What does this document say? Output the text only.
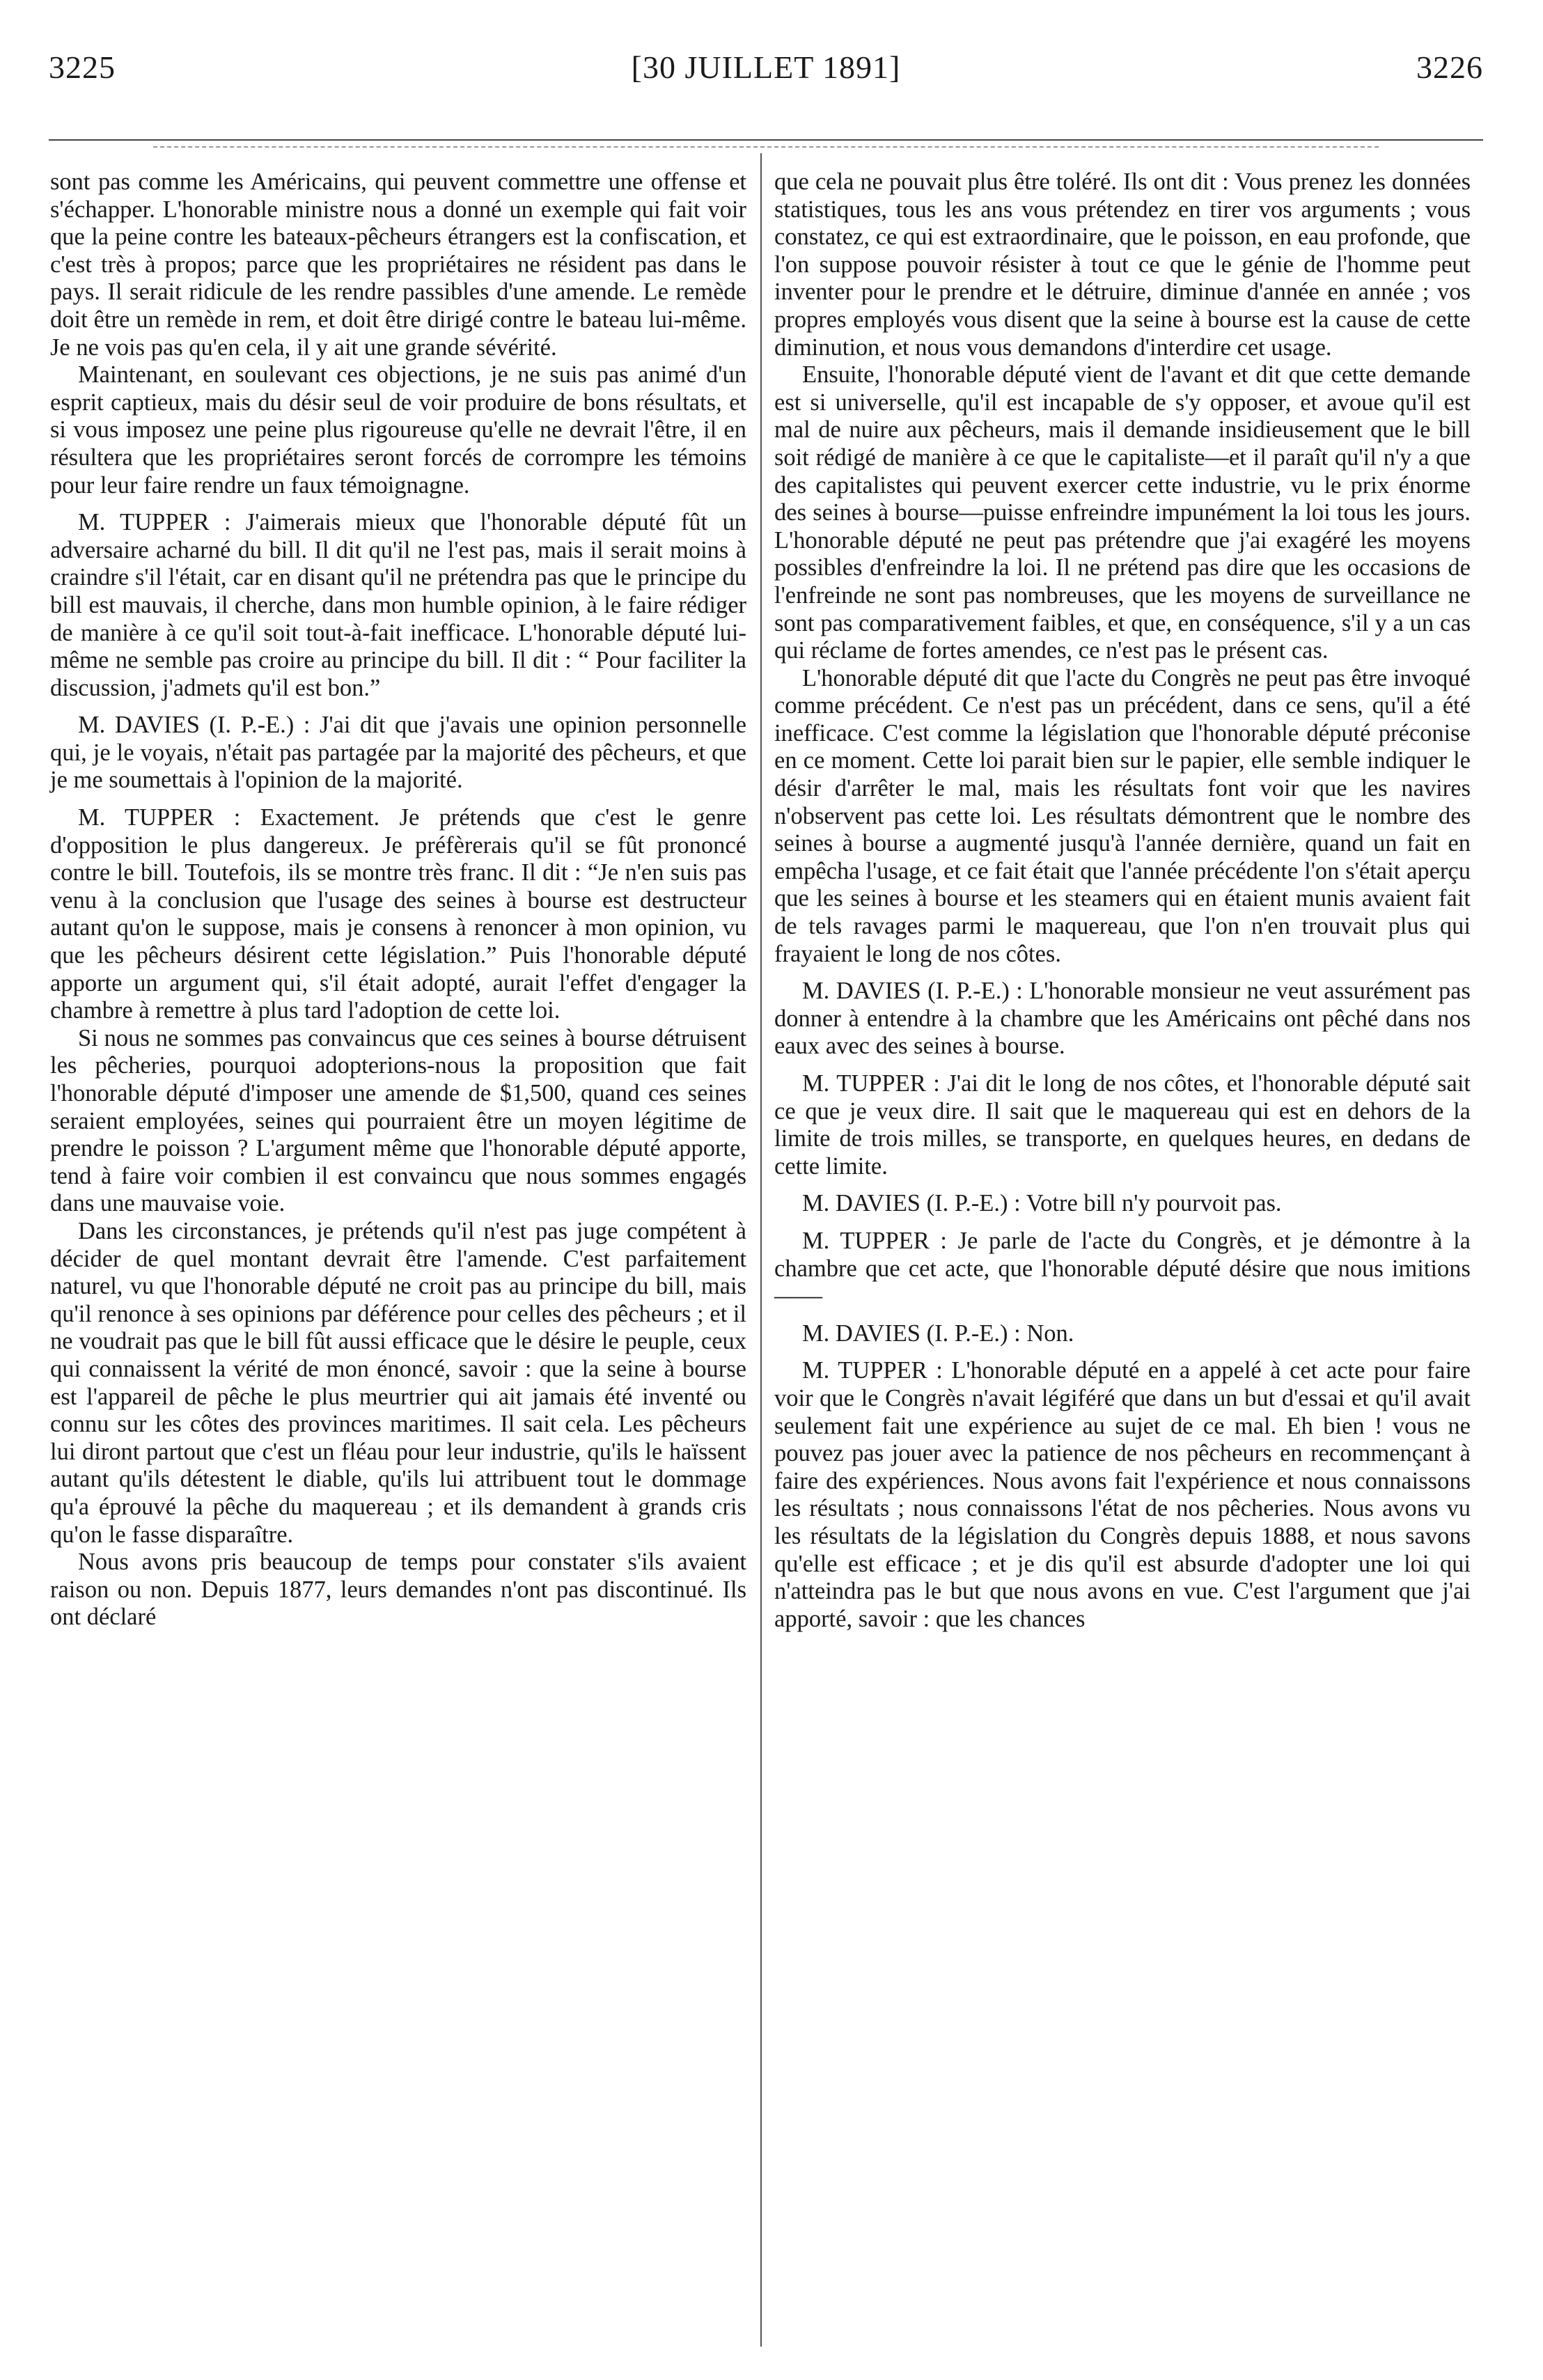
3225	[30 JUILLET 1891]	3226

sont pas comme les Américains, qui peuvent commettre une offense et s'échapper. L'honorable ministre nous a donné un exemple qui fait voir que la peine contre les bateaux-pêcheurs étrangers est la confiscation, et c'est très à propos; parce que les propriétaires ne résident pas dans le pays. Il serait ridicule de les rendre passibles d'une amende. Le remède doit être un remède in rem, et doit être dirigé contre le bateau lui-même. Je ne vois pas qu'en cela, il y ait une grande sévérité.

Maintenant, en soulevant ces objections, je ne suis pas animé d'un esprit captieux, mais du désir seul de voir produire de bons résultats, et si vous imposez une peine plus rigoureuse qu'elle ne devrait l'être, il en résultera que les propriétaires seront forcés de corrompre les témoins pour leur faire rendre un faux témoignagne.

M. TUPPER : J'aimerais mieux que l'honorable député fût un adversaire acharné du bill. Il dit qu'il ne l'est pas, mais il serait moins à craindre s'il l'était, car en disant qu'il ne prétendra pas que le principe du bill est mauvais, il cherche, dans mon humble opinion, à le faire rédiger de manière à ce qu'il soit tout-à-fait inefficace. L'honorable député lui-même ne semble pas croire au principe du bill. Il dit : “ Pour faciliter la discussion, j'admets qu'il est bon.”

M. DAVIES (I. P.-E.) : J'ai dit que j'avais une opinion personnelle qui, je le voyais, n'était pas partagée par la majorité des pêcheurs, et que je me soumettais à l'opinion de la majorité.

M. TUPPER : Exactement. Je prétends que c'est le genre d'opposition le plus dangereux. Je préfèrerais qu'il se fût prononcé contre le bill. Toutefois, ils se montre très franc. Il dit : “Je n'en suis pas venu à la conclusion que l'usage des seines à bourse est destructeur autant qu'on le suppose, mais je consens à renoncer à mon opinion, vu que les pêcheurs désirent cette législation.” Puis l'honorable député apporte un argument qui, s'il était adopté, aurait l'effet d'engager la chambre à remettre à plus tard l'adoption de cette loi.

Si nous ne sommes pas convaincus que ces seines à bourse détruisent les pêcheries, pourquoi adopterions-nous la proposition que fait l'honorable député d'imposer une amende de $1,500, quand ces seines seraient employées, seines qui pourraient être un moyen légitime de prendre le poisson ? L'argument même que l'honorable député apporte, tend à faire voir combien il est convaincu que nous sommes engagés dans une mauvaise voie.

Dans les circonstances, je prétends qu'il n'est pas juge compétent à décider de quel montant devrait être l'amende. C'est parfaitement naturel, vu que l'honorable député ne croit pas au principe du bill, mais qu'il renonce à ses opinions par déférence pour celles des pêcheurs ; et il ne voudrait pas que le bill fût aussi efficace que le désire le peuple, ceux qui connaissent la vérité de mon énoncé, savoir : que la seine à bourse est l'appareil de pêche le plus meurtrier qui ait jamais été inventé ou connu sur les côtes des provinces maritimes. Il sait cela. Les pêcheurs lui diront partout que c'est un fléau pour leur industrie, qu'ils le haïssent autant qu'ils détestent le diable, qu'ils lui attribuent tout le dommage qu'a éprouvé la pêche du maquereau ; et ils demandent à grands cris qu'on le fasse disparaître.

Nous avons pris beaucoup de temps pour constater s'ils avaient raison ou non. Depuis 1877, leurs demandes n'ont pas discontinué. Ils ont déclaré

que cela ne pouvait plus être toléré. Ils ont dit : Vous prenez les données statistiques, tous les ans vous prétendez en tirer vos arguments ; vous constatez, ce qui est extraordinaire, que le poisson, en eau profonde, que l'on suppose pouvoir résister à tout ce que le génie de l'homme peut inventer pour le prendre et le détruire, diminue d'année en année ; vos propres employés vous disent que la seine à bourse est la cause de cette diminution, et nous vous demandons d'interdire cet usage.

Ensuite, l'honorable député vient de l'avant et dit que cette demande est si universelle, qu'il est incapable de s'y opposer, et avoue qu'il est mal de nuire aux pêcheurs, mais il demande insidieusement que le bill soit rédigé de manière à ce que le capitaliste—et il paraît qu'il n'y a que des capitalistes qui peuvent exercer cette industrie, vu le prix énorme des seines à bourse—puisse enfreindre impunément la loi tous les jours. L'honorable député ne peut pas prétendre que j'ai exagéré les moyens possibles d'enfreindre la loi. Il ne prétend pas dire que les occasions de l'enfreinde ne sont pas nombreuses, que les moyens de surveillance ne sont pas comparativement faibles, et que, en conséquence, s'il y a un cas qui réclame de fortes amendes, ce n'est pas le présent cas.

L'honorable député dit que l'acte du Congrès ne peut pas être invoqué comme précédent. Ce n'est pas un précédent, dans ce sens, qu'il a été inefficace. C'est comme la législation que l'honorable député préconise en ce moment. Cette loi parait bien sur le papier, elle semble indiquer le désir d'arrêter le mal, mais les résultats font voir que les navires n'observent pas cette loi. Les résultats démontrent que le nombre des seines à bourse a augmenté jusqu'à l'année dernière, quand un fait en empêcha l'usage, et ce fait était que l'année précédente l'on s'était aperçu que les seines à bourse et les steamers qui en étaient munis avaient fait de tels ravages parmi le maquereau, que l'on n'en trouvait plus qui frayaient le long de nos côtes.

M. DAVIES (I. P.-E.) : L'honorable monsieur ne veut assurément pas donner à entendre à la chambre que les Américains ont pêché dans nos eaux avec des seines à bourse.

M. TUPPER : J'ai dit le long de nos côtes, et l'honorable député sait ce que je veux dire. Il sait que le maquereau qui est en dehors de la limite de trois milles, se transporte, en quelques heures, en dedans de cette limite.

M. DAVIES (I. P.-E.) : Votre bill n'y pourvoit pas.

M. TUPPER : Je parle de l'acte du Congrès, et je démontre à la chambre que cet acte, que l'honorable député désire que nous imitions——

M. DAVIES (I. P.-E.) : Non.

M. TUPPER : L'honorable député en a appelé à cet acte pour faire voir que le Congrès n'avait légiféré que dans un but d'essai et qu'il avait seulement fait une expérience au sujet de ce mal. Eh bien ! vous ne pouvez pas jouer avec la patience de nos pêcheurs en recommençant à faire des expériences. Nous avons fait l'expérience et nous connaissons les résultats ; nous connaissons l'état de nos pêcheries. Nous avons vu les résultats de la législation du Congrès depuis 1888, et nous savons qu'elle est efficace ; et je dis qu'il est absurde d'adopter une loi qui n'atteindra pas le but que nous avons en vue. C'est l'argument que j'ai apporté, savoir : que les chances
